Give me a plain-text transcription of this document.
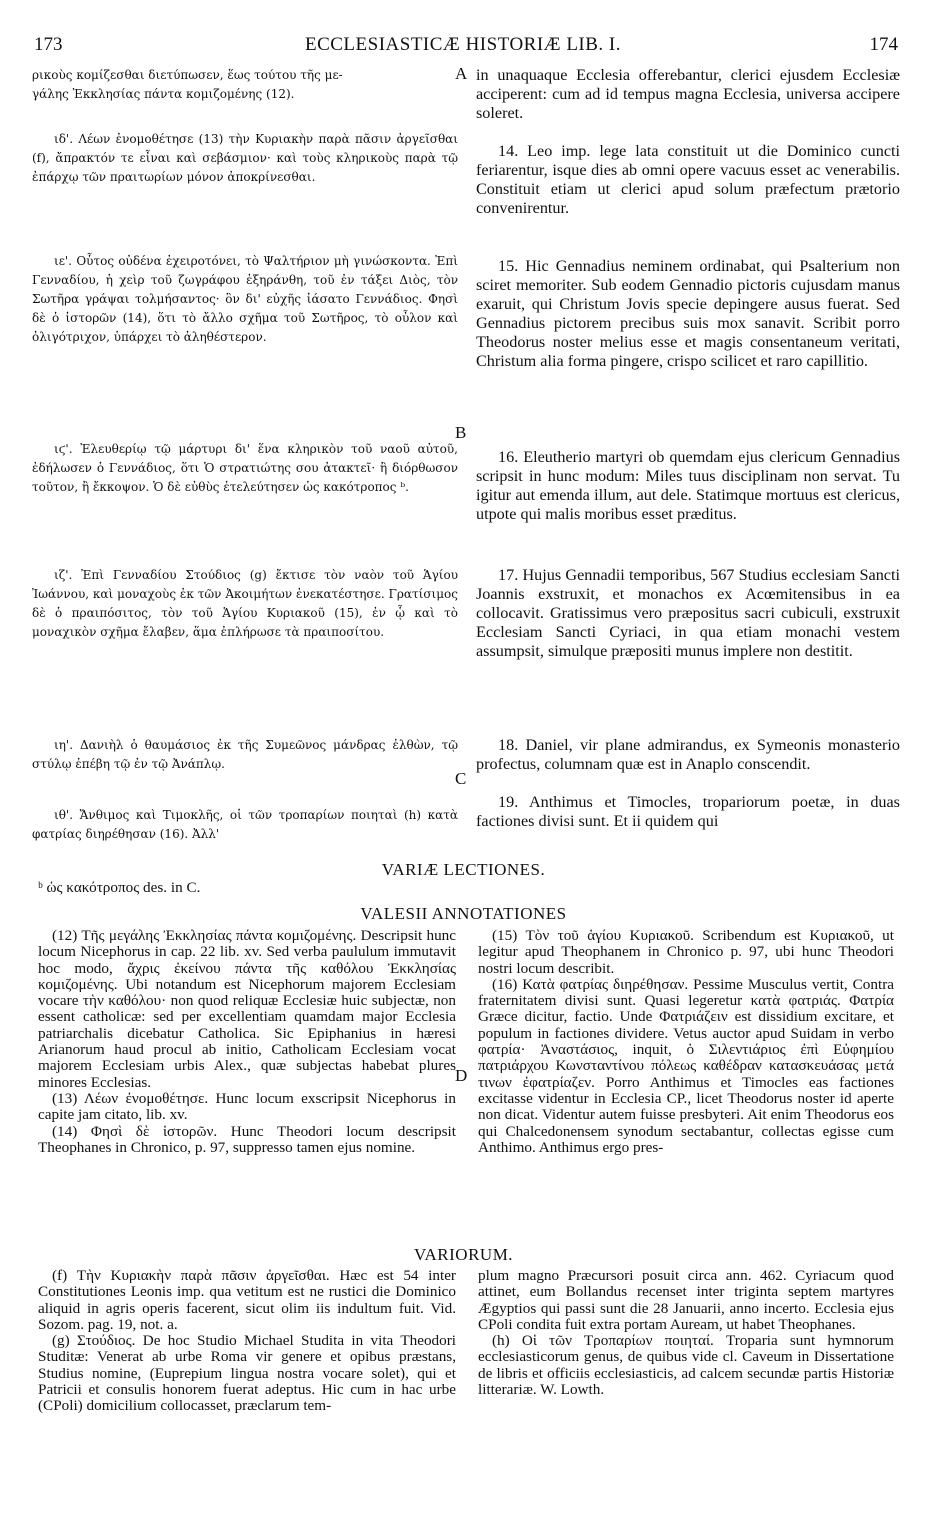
173	ECCLESIASTICÆ HISTORIÆ LIB. I.	174

ρικοὺς κομίζεσθαι διετύπωσεν, ἕως τούτου τῆς με-

γάλης Ἐκκλησίας πάντα κομιζομένης (12).

ιδ'. Λέων ἐνομοθέτησε (13) τὴν Κυριακὴν παρὰ πᾶσιν ἀργεῖσθαι (f), ἄπρακτόν τε εἶναι καὶ σεβάσμιον· καὶ τοὺς κληρικοὺς παρὰ τῷ ἐπάρχῳ τῶν πραιτωρίων μόνον ἀποκρίνεσθαι.

ιε'. Οὗτος οὐδένα ἐχειροτόνει, τὸ Ψαλτήριον μὴ γινώσκοντα. Ἐπὶ Γενναδίου, ἡ χεὶρ τοῦ ζωγράφου ἐξηράνθη, τοῦ ἐν τάξει Διὸς, τὸν Σωτῆρα γράψαι τολμήσαντος· ὃν δι' εὐχῆς ἰάσατο Γεννάδιος. Φησὶ δὲ ὁ ἱστορῶν (14), ὅτι τὸ ἄλλο σχῆμα τοῦ Σωτῆρος, τὸ οὖλον καὶ ὀλιγότριχον, ὑπάρχει τὸ ἀληθέστερον.

ιϛ'. Ἐλευθερίῳ τῷ μάρτυρι δι' ἕνα κληρικὸν τοῦ ναοῦ αὐτοῦ, ἐδήλωσεν ὁ Γεννάδιος, ὅτι Ὁ στρατιώτης σου ἀτακτεῖ· ἢ διόρθωσον τοῦτον, ἢ ἔκκοψον. Ὁ δὲ εὐθὺς ἐτελεύτησεν ὡς κακότροπος ᵇ.

ιζ'. Ἐπὶ Γενναδίου Στούδιος (g) ἔκτισε τὸν ναὸν τοῦ Ἁγίου Ἰωάννου, καὶ μοναχοὺς ἐκ τῶν Ἀκοιμήτων ἐνεκατέστησε. Γρατίσιμος δὲ ὁ πραιπόσιτος, τὸν τοῦ Ἁγίου Κυριακοῦ (15), ἐν ᾧ καὶ τὸ μοναχικὸν σχῆμα ἔλαβεν, ἅμα ἐπλήρωσε τὰ πραιποσίτου.

ιη'. Δανιὴλ ὁ θαυμάσιος ἐκ τῆς Συμεῶνος μάνδρας ἐλθὼν, τῷ στύλῳ ἐπέβη τῷ ἐν τῷ Ἀνάπλῳ.

ιθ'. Ἄνθιμος καὶ Τιμοκλῆς, οἱ τῶν τροπαρίων ποιηταὶ (h) κατὰ φατρίας διηρέθησαν (16). Ἀλλ'

A
B
C
D

in unaquaque Ecclesia offerebantur, clerici ejusdem Ecclesiæ acciperent: cum ad id tempus magna Ecclesia, universa accipere soleret.

14. Leo imp. lege lata constituit ut die Dominico cuncti feriarentur, isque dies ab omni opere vacuus esset ac venerabilis. Constituit etiam ut clerici apud solum præfectum prætorio convenirentur.

15. Hic Gennadius neminem ordinabat, qui Psalterium non sciret memoriter. Sub eodem Gennadio pictoris cujusdam manus exaruit, qui Christum Jovis specie depingere ausus fuerat. Sed Gennadius pictorem precibus suis mox sanavit. Scribit porro Theodorus noster melius esse et magis consentaneum veritati, Christum alia forma pingere, crispo scilicet et raro capillitio.

16. Eleutherio martyri ob quemdam ejus clericum Gennadius scripsit in hunc modum: Miles tuus disciplinam non servat. Tu igitur aut emenda illum, aut dele. Statimque mortuus est clericus, utpote qui malis moribus esset præditus.

17. Hujus Gennadii temporibus, 567 Studius ecclesiam Sancti Joannis exstruxit, et monachos ex Acœmitensibus in ea collocavit. Gratissimus vero præpositus sacri cubiculi, exstruxit Ecclesiam Sancti Cyriaci, in qua etiam monachi vestem assumpsit, simulque præpositi munus implere non destitit.

18. Daniel, vir plane admirandus, ex Symeonis monasterio profectus, columnam quæ est in Anaplo conscendit.

19. Anthimus et Timocles, tropariorum poetæ, in duas factiones divisi sunt. Et ii quidem qui

VARIÆ LECTIONES.
ᵇ ὡς κακότροπος des. in C.
VALESII ANNOTATIONES

(12) Τῆς μεγάλης Ἐκκλησίας πάντα κομιζομένης. Descripsit hunc locum Nicephorus in cap. 22 lib. xv. Sed verba paululum immutavit hoc modo, ἄχρις ἐκείνου πάντα τῆς καθόλου Ἐκκλησίας κομιζομένης. Ubi notandum est Nicephorum majorem Ecclesiam vocare τὴν καθόλου· non quod reliquæ Ecclesiæ huic subjectæ, non essent catholicæ: sed per excellentiam quamdam major Ecclesia patriarchalis dicebatur Catholica. Sic Epiphanius in hæresi Arianorum haud procul ab initio, Catholicam Ecclesiam vocat majorem Ecclesiam urbis Alex., quæ subjectas habebat plures minores Ecclesias.

(13) Λέων ἐνομοθέτησε. Hunc locum exscripsit Nicephorus in capite jam citato, lib. xv.

(14) Φησὶ δὲ ἱστορῶν. Hunc Theodori locum descripsit Theophanes in Chronico, p. 97, suppresso tamen ejus nomine.

(15) Τὸν τοῦ ἁγίου Κυριακοῦ. Scribendum est Κυριακοῦ, ut legitur apud Theophanem in Chronico p. 97, ubi hunc Theodori nostri locum describit.

(16) Κατὰ φατρίας διηρέθησαν. Pessime Musculus vertit, Contra fraternitatem divisi sunt. Quasi legeretur κατὰ φατριάς. Φατρία Græce dicitur, factio. Unde Φατριάζειν est dissidium excitare, et populum in factiones dividere. Vetus auctor apud Suidam in verbo φατρία· Ἀναστάσιος, inquit, ὁ Σιλεντιάριος ἐπὶ Εὐφημίου πατριάρχου Κωνσταντίνου πόλεως καθέδραν κατασκευάσας μετά τινων ἐφατρίαζεν. Porro Anthimus et Timocles eas factiones excitasse videntur in Ecclesia CP., licet Theodorus noster id aperte non dicat. Videntur autem fuisse presbyteri. Ait enim Theodorus eos qui Chalcedonensem synodum sectabantur, collectas egisse cum Anthimo. Anthimus ergo pres-

VARIORUM.

(f) Τὴν Κυριακὴν παρὰ πᾶσιν ἀργεῖσθαι. Hæc est 54 inter Constitutiones Leonis imp. qua vetitum est ne rustici die Dominico aliquid in agris operis facerent, sicut olim iis indultum fuit. Vid. Sozom. pag. 19, not. a.

(g) Στούδιος. De hoc Studio Michael Studita in vita Theodori Studitæ: Venerat ab urbe Roma vir genere et opibus præstans, Studius nomine, (Euprepium lingua nostra vocare solet), qui et Patricii et consulis honorem fuerat adeptus. Hic cum in hac urbe (CPoli) domicilium collocasset, præclarum tem-

plum magno Præcursori posuit circa ann. 462. Cyriacum quod attinet, eum Bollandus recenset inter triginta septem martyres Ægyptios qui passi sunt die 28 Januarii, anno incerto. Ecclesia ejus CPoli condita fuit extra portam Auream, ut habet Theophanes.

(h) Οἱ τῶν Τροπαρίων ποιηταί. Troparia sunt hymnorum ecclesiasticorum genus, de quibus vide cl. Caveum in Dissertatione de libris et officiis ecclesiasticis, ad calcem secundæ partis Historiæ litterariæ. W. Lowth.
